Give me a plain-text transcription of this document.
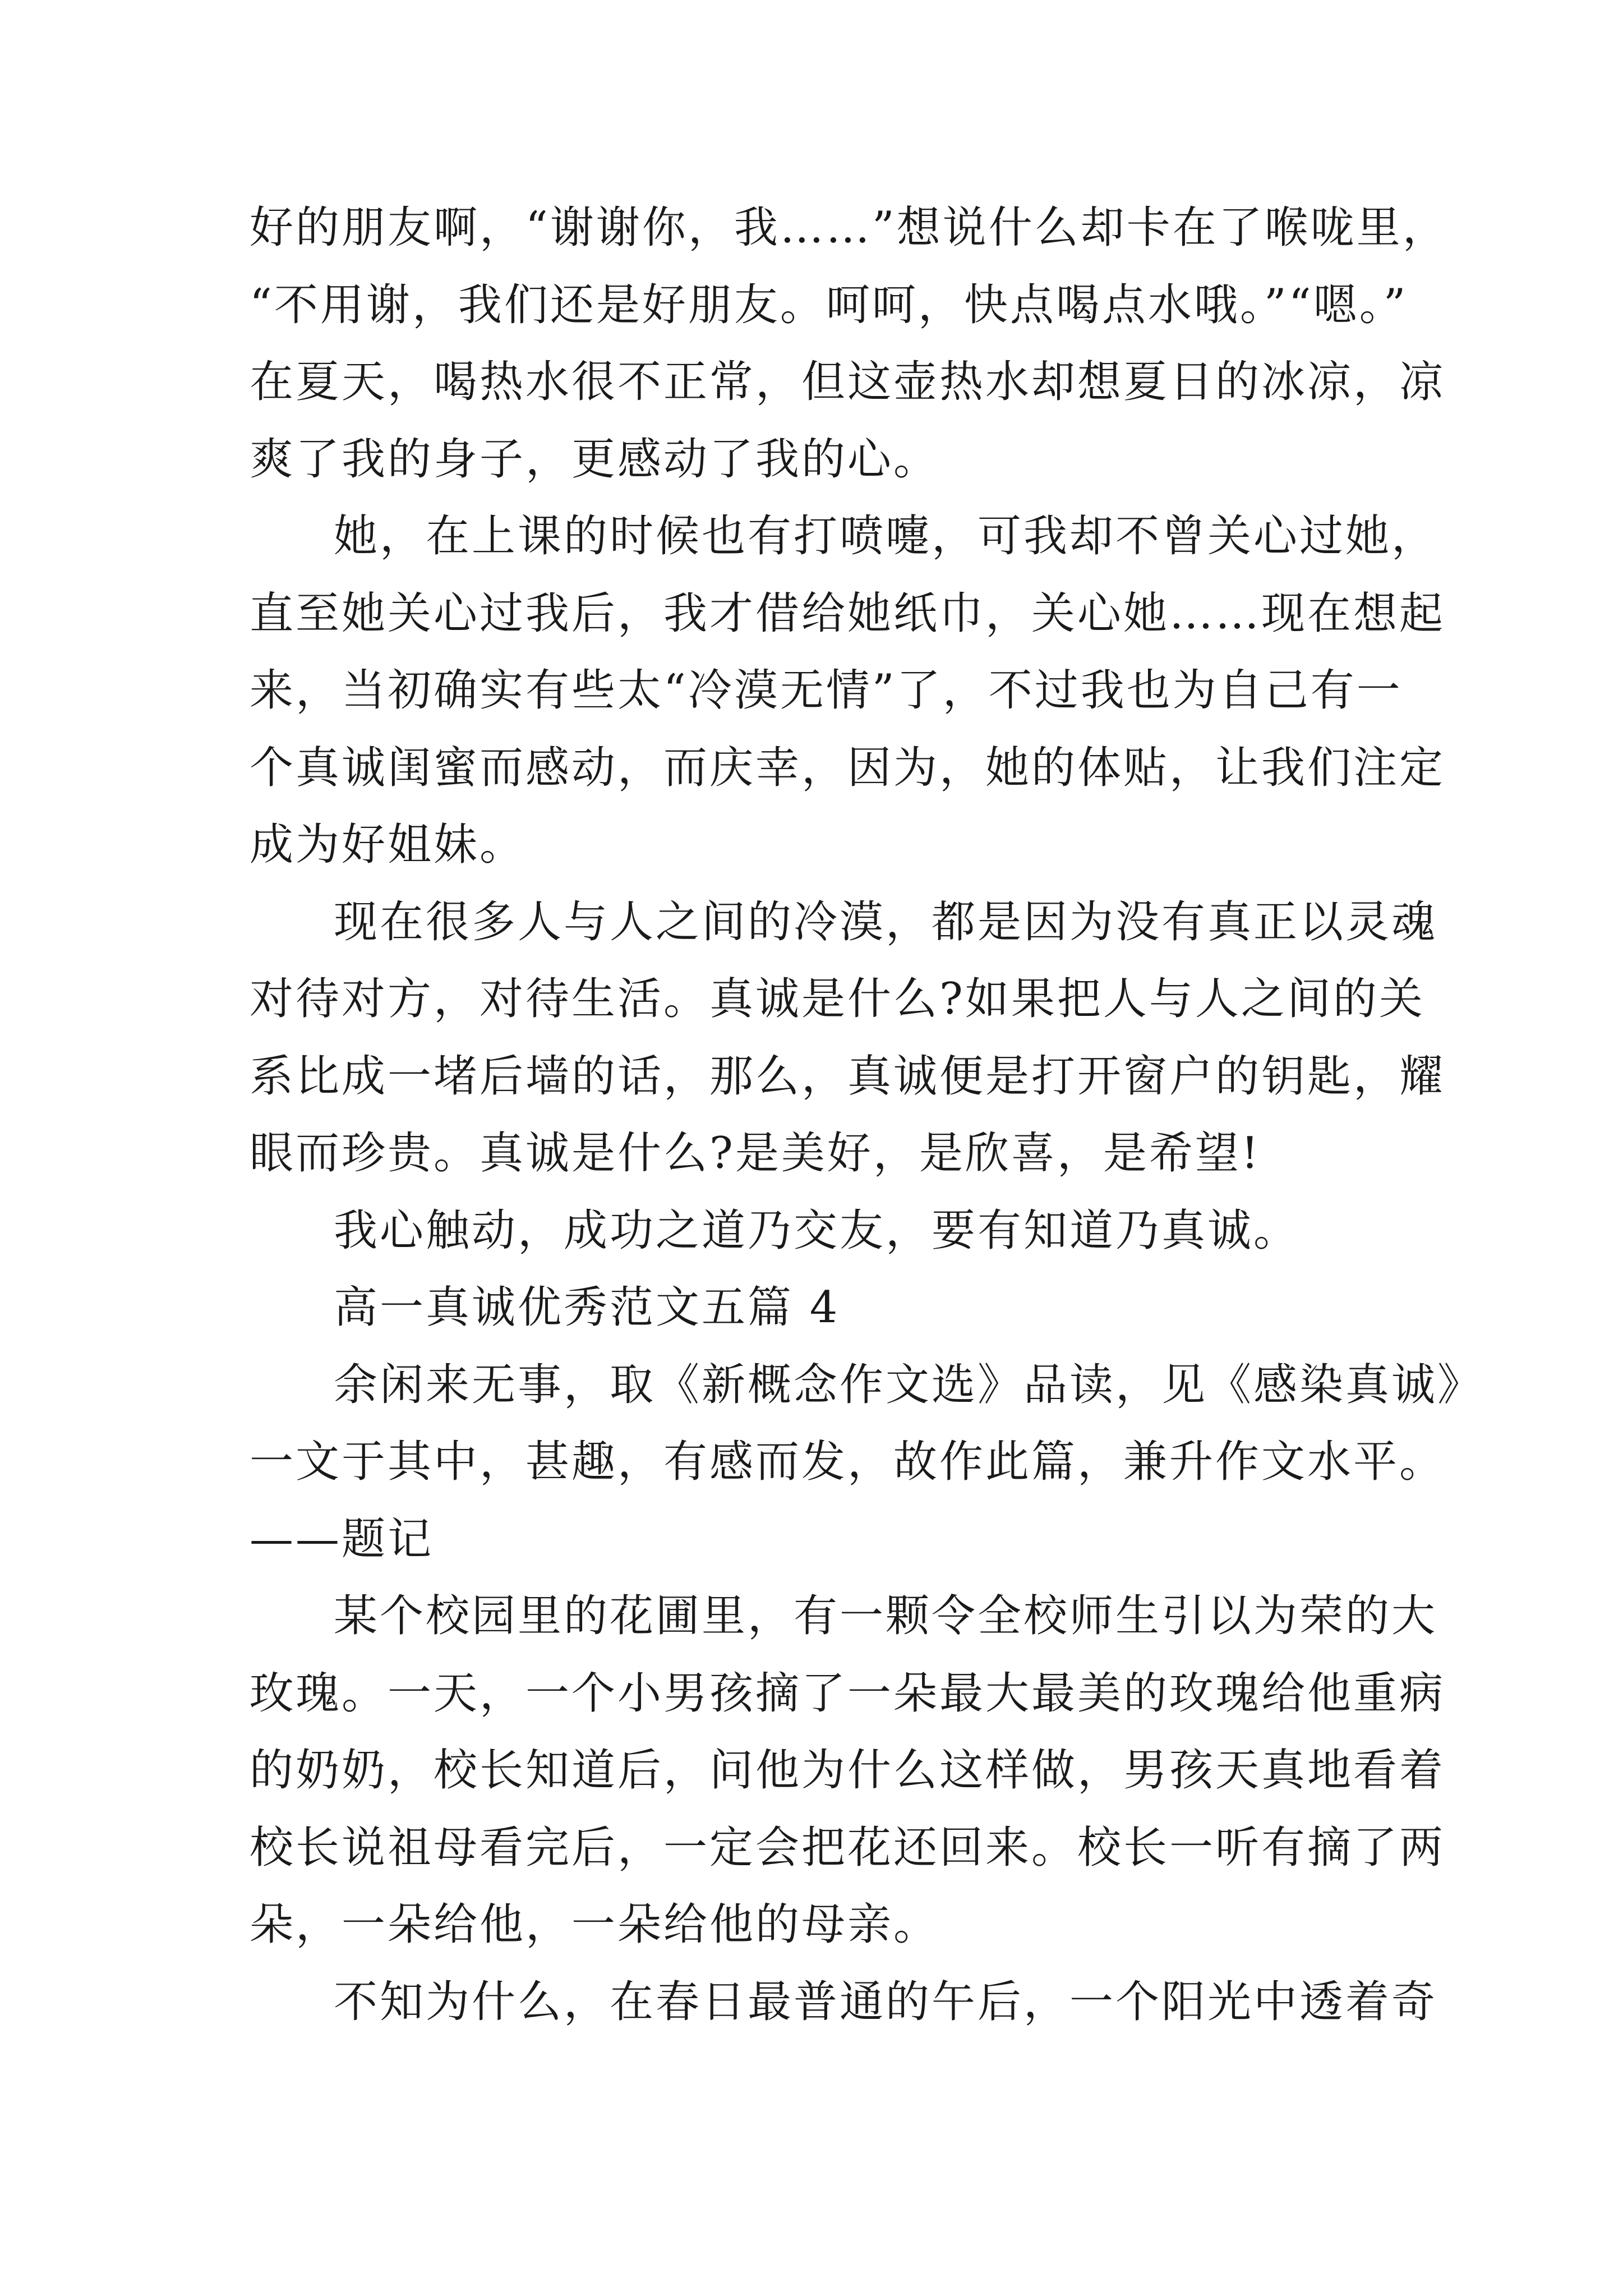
好的朋友啊，“谢谢你，我……”想说什么却卡在了喉咙里，
“不用谢，我们还是好朋友。呵呵，快点喝点水哦。”“嗯。”
在夏天，喝热水很不正常，但这壶热水却想夏日的冰凉，凉
爽了我的身子，更感动了我的心。
她，在上课的时候也有打喷嚏，可我却不曾关心过她，
直至她关心过我后，我才借给她纸巾，关心她……现在想起
来，当初确实有些太“冷漠无情”了，不过我也为自己有一
个真诚闺蜜而感动，而庆幸，因为，她的体贴，让我们注定
成为好姐妹。
现在很多人与人之间的冷漠，都是因为没有真正以灵魂
对待对方，对待生活。真诚是什么?如果把人与人之间的关
系比成一堵后墙的话，那么，真诚便是打开窗户的钥匙，耀
眼而珍贵。真诚是什么?是美好，是欣喜，是希望!
我心触动，成功之道乃交友，要有知道乃真诚。
高一真诚优秀范文五篇 4
余闲来无事，取《新概念作文选》品读，见《感染真诚》
一文于其中，甚趣，有感而发，故作此篇，兼升作文水平。
——题记
某个校园里的花圃里，有一颗令全校师生引以为荣的大
玫瑰。一天，一个小男孩摘了一朵最大最美的玫瑰给他重病
的奶奶，校长知道后，问他为什么这样做，男孩天真地看着
校长说祖母看完后，一定会把花还回来。校长一听有摘了两
朵，一朵给他，一朵给他的母亲。
不知为什么，在春日最普通的午后，一个阳光中透着奇
